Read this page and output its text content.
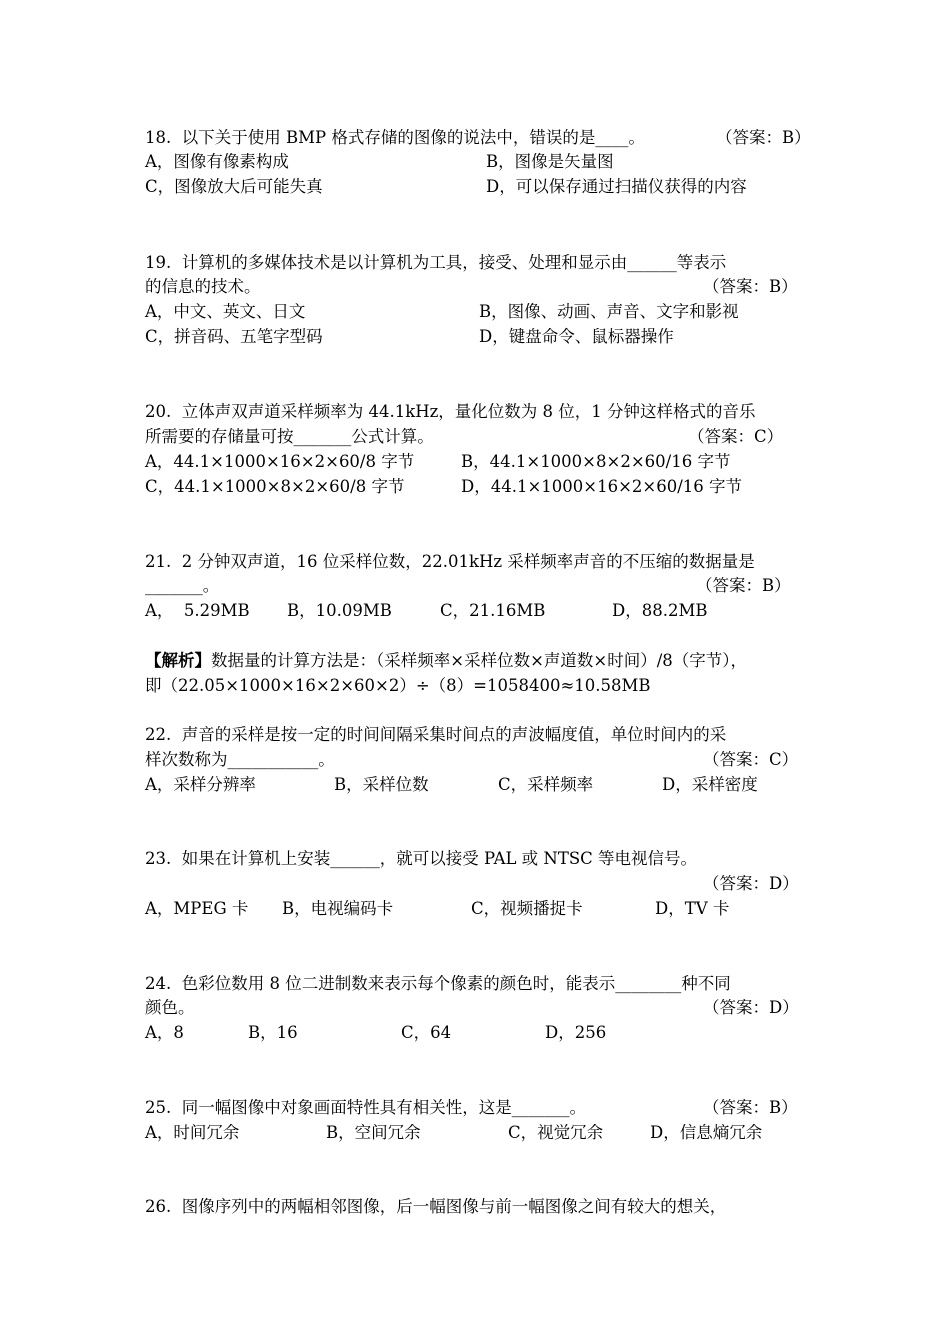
18.  以下关于使用 BMP 格式存储的图像的说法中，错误的是____。	（答案：B）
A，图像有像素构成	B，图像是矢量图
C，图像放大后可能失真	D，可以保存通过扫描仪获得的内容
19.  计算机的多媒体技术是以计算机为工具，接受、处理和显示由______等表示
的信息的技术。	（答案：B）
A，中文、英文、日文	B，图像、动画、声音、文字和影视
C，拼音码、五笔字型码	D，键盘命令、鼠标器操作
20.  立体声双声道采样频率为 44.1kHz，量化位数为 8 位，1 分钟这样格式的音乐
所需要的存储量可按_______公式计算。	（答案：C）
A，44.1×1000×16×2×60/8 字节	B，44.1×1000×8×2×60/16 字节
C，44.1×1000×8×2×60/8 字节	D，44.1×1000×16×2×60/16 字节
21.  2 分钟双声道，16 位采样位数，22.01kHz 采样频率声音的不压缩的数据量是
_______。	（答案：B）
A，  5.29MB B，10.09MB	C，21.16MB	D，88.2MB
【解析】数据量的计算方法是：（采样频率×采样位数×声道数×时间）/8（字节），
即（22.05×1000×16×2×60×2）÷（8）=1058400≈10.58MB
22.  声音的采样是按一定的时间间隔采集时间点的声波幅度值，单位时间内的采
样次数称为___________。	（答案：C）
A，采样分辨率	B，采样位数	C，采样频率	D，采样密度
23.  如果在计算机上安装______，就可以接受 PAL 或 NTSC 等电视信号。
（答案：D）
A，MPEG 卡 B，电视编码卡	C，视频播捉卡	D，TV 卡
24.  色彩位数用 8 位二进制数来表示每个像素的颜色时，能表示________种不同
颜色。	（答案：D）
A，8	B，16	C，64	D，256
25.  同一幅图像中对象画面特性具有相关性，这是_______。	（答案：B）
A，时间冗余	B，空间冗余	C，视觉冗余	D，信息熵冗余
26.  图像序列中的两幅相邻图像，后一幅图像与前一幅图像之间有较大的想关，
